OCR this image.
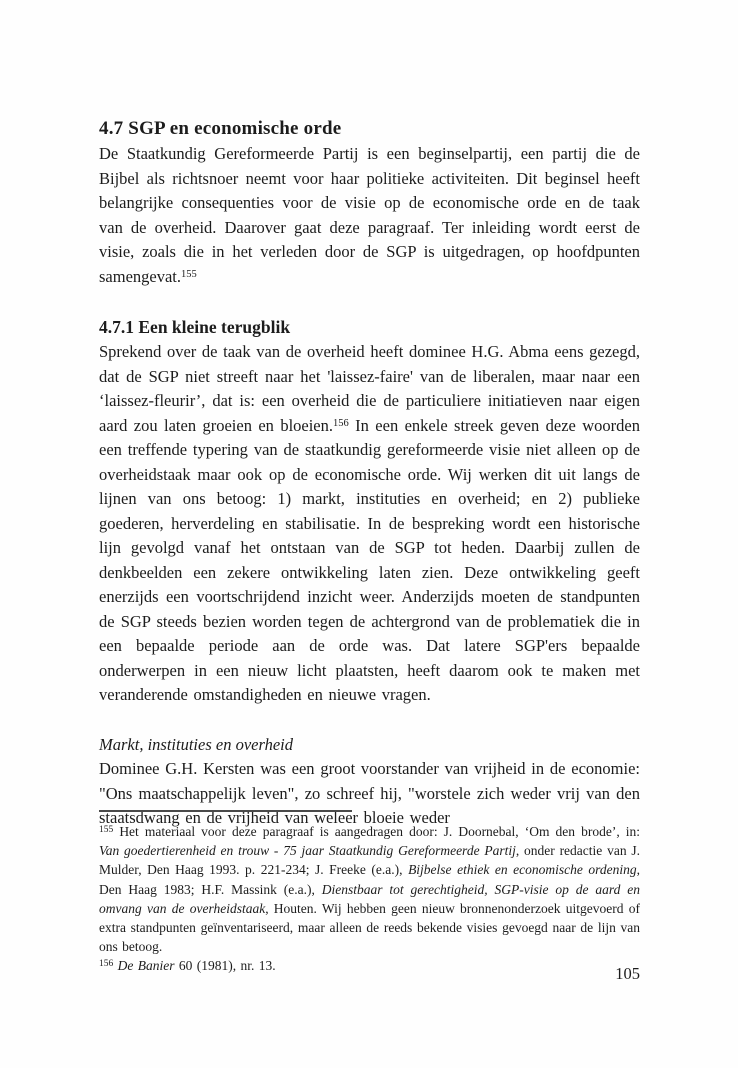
4.7 SGP en economische orde

De Staatkundig Gereformeerde Partij is een beginselpartij, een partij die de Bijbel als richtsnoer neemt voor haar politieke activiteiten. Dit beginsel heeft belangrijke consequenties voor de visie op de economische orde en de taak van de overheid. Daarover gaat deze paragraaf. Ter inleiding wordt eerst de visie, zoals die in het verleden door de SGP is uitgedragen, op hoofdpunten samengevat.$^{155}$

4.7.1 Een kleine terugblik

Sprekend over de taak van de overheid heeft dominee H.G. Abma eens gezegd, dat de SGP niet streeft naar het 'laissez-faire' van de liberalen, maar naar een ‘laissez-fleurir’, dat is: een overheid die de particuliere initiatieven naar eigen aard zou laten groeien en bloeien.$^{156}$ In een enkele streek geven deze woorden een treffende typering van de staatkundig gereformeerde visie niet alleen op de overheidstaak maar ook op de economische orde. Wij werken dit uit langs de lijnen van ons betoog: 1) markt, instituties en overheid; en 2) publieke goederen, herverdeling en stabilisatie. In de bespreking wordt een historische lijn gevolgd vanaf het ontstaan van de SGP tot heden. Daarbij zullen de denkbeelden een zekere ontwikkeling laten zien. Deze ontwikkeling geeft enerzijds een voortschrijdend inzicht weer. Anderzijds moeten de standpunten de SGP steeds bezien worden tegen de achtergrond van de problematiek die in een bepaalde periode aan de orde was. Dat latere SGP'ers bepaalde onderwerpen in een nieuw licht plaatsten, heeft daarom ook te maken met veranderende omstandigheden en nieuwe vragen.

Markt, instituties en overheid

Dominee G.H. Kersten was een groot voorstander van vrijheid in de economie: "Ons maatschappelijk leven", zo schreef hij, "worstele zich weder vrij van den staatsdwang en de vrijheid van weleer bloeie weder

$^{155}$ Het materiaal voor deze paragraaf is aangedragen door: J. Doornebal, ‘Om den brode’, in: Van goedertierenheid en trouw - 75 jaar Staatkundig Gereformeerde Partij, onder redactie van J. Mulder, Den Haag 1993. p. 221-234; J. Freeke (e.a.), Bijbelse ethiek en economische ordening, Den Haag 1983; H.F. Massink (e.a.), Dienstbaar tot gerechtigheid, SGP-visie op de aard en omvang van de overheidstaak, Houten. Wij hebben geen nieuw bronnenonderzoek uitgevoerd of extra standpunten geïnventariseerd, maar alleen de reeds bekende visies gevoegd naar de lijn van ons betoog.

$^{156}$ De Banier 60 (1981), nr. 13.	105
